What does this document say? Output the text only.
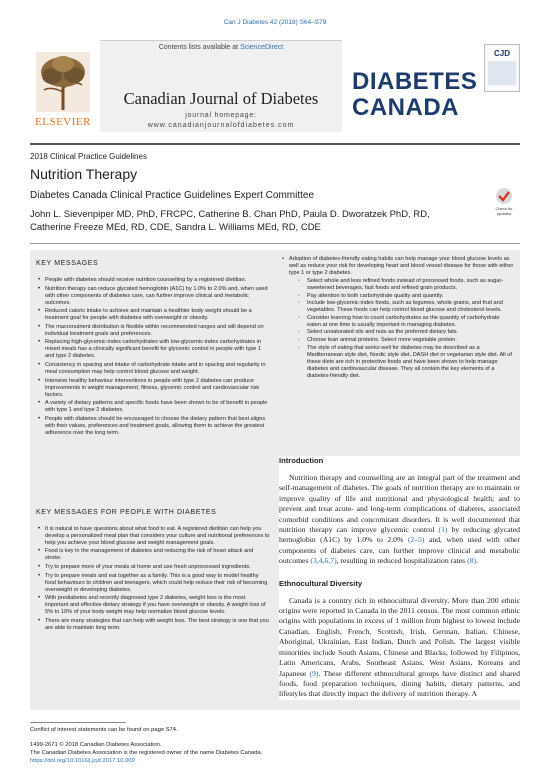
Can J Diabetes 42 (2018) S64–S79
ELSEVIER
Contents lists available at ScienceDirect
Canadian Journal of Diabetes
journal homepage:
www.canadianjournalofdiabetes.com
DIABETES
CANADA
CJD
2018 Clinical Practice Guidelines
Nutrition Therapy
Diabetes Canada Clinical Practice Guidelines Expert Committee
John L. Sievenpiper MD, PhD, FRCPC, Catherine B. Chan PhD, Paula D. Dworatzek PhD, RD, Catherine Freeze MEd, RD, CDE, Sandra L. Williams MEd, RD, CDE
Check for updates
KEY MESSAGES
• People with diabetes should receive nutrition counselling by a registered dietitian.
• Nutrition therapy can reduce glycated hemoglobin (A1C) by 1.0% to 2.0% and, when used with other components of diabetes care, can further improve clinical and metabolic outcomes.
• Reduced caloric intake to achieve and maintain a healthier body weight should be a treatment goal for people with diabetes with overweight or obesity.
• The macronutrient distribution is flexible within recommended ranges and will depend on individual treatment goals and preferences.
• Replacing high-glycemic-index carbohydrates with low-glycemic-index carbohydrates in mixed meals has a clinically significant benefit for glycemic control in people with type 1 and type 2 diabetes.
• Consistency in spacing and intake of carbohydrate intake and in spacing and regularity in meal consumption may help control blood glucose and weight.
• Intensive healthy behaviour interventions in people with type 2 diabetes can produce improvements in weight management, fitness, glycemic control and cardiovascular risk factors.
• A variety of dietary patterns and specific foods have been shown to be of benefit in people with type 1 and type 2 diabetes.
• People with diabetes should be encouraged to choose the dietary pattern that best aligns with their values, preferences and treatment goals, allowing them to achieve the greatest adherence over the long term.
KEY MESSAGES FOR PEOPLE WITH DIABETES
• It is natural to have questions about what food to eat. A registered dietitian can help you develop a personalized meal plan that considers your culture and nutritional preferences to help you achieve your blood glucose and weight management goals.
• Food is key in the management of diabetes and reducing the risk of heart attack and stroke.
• Try to prepare more of your meals at home and use fresh unprocessed ingredients.
• Try to prepare meals and eat together as a family. This is a good way to model healthy food behaviours to children and teenagers, which could help reduce their risk of becoming overweight or developing diabetes.
• With prediabetes and recently diagnosed type 2 diabetes, weight loss is the most important and effective dietary strategy if you have overweight or obesity. A weight loss of 5% to 10% of your body weight may help normalize blood glucose levels.
• There are many strategies that can help with weight loss. The best strategy is one that you are able to maintain long term.
• Adoption of diabetes-friendly eating habits can help manage your blood glucose levels as well as reduce your risk for developing heart and blood vessel disease for those with either type 1 or type 2 diabetes.
◦ Select whole and less refined foods instead of processed foods, such as sugar-sweetened beverages, fast foods and refined grain products.
◦ Pay attention to both carbohydrate quality and quantity.
◦ Include low-glycemic-index foods, such as legumes, whole grains, and fruit and vegetables. These foods can help control blood glucose and cholesterol levels.
◦ Consider learning how to count carbohydrates as the quantity of carbohydrate eaten at one time is usually important in managing diabetes.
◦ Select unsaturated oils and nuts as the preferred dietary fats.
◦ Choose lean animal proteins. Select more vegetable protein.
◦ The style of eating that works well for diabetes may be described as a Mediterranean style diet, Nordic style diet, DASH diet or vegetarian style diet. All of these diets are rich in protective foods and have been shown to help manage diabetes and cardiovascular disease. They all contain the key elements of a diabetes-friendly diet.
Introduction

Nutrition therapy and counselling are an integral part of the treatment and self-management of diabetes. The goals of nutrition therapy are to maintain or improve quality of life and nutritional and physiological health; and to prevent and treat acute- and long-term complications of diabetes, associated comorbid conditions and concomitant disorders. It is well documented that nutrition therapy can improve glycemic control (1) by reducing glycated hemoglobin (A1C) by 1.0% to 2.0% (2–5) and, when used with other components of diabetes care, can further improve clinical and metabolic outcomes (3,4,6,7), resulting in reduced hospitalization rates (8).

Ethnocultural Diversity

Canada is a country rich in ethnocultural diversity. More than 200 ethnic origins were reported in Canada in the 2011 census. The most common ethnic origins with populations in excess of 1 million from highest to lowest include Canadian, English, French, Scottish, Irish, German, Italian, Chinese, Aboriginal, Ukrainian, East Indian, Dutch and Polish. The largest visible minorities include South Asians, Chinese and Blacks, followed by Filipinos, Latin Americans, Arabs, Southeast Asians, West Asians, Koreans and Japanese (9). These different ethnocultural groups have distinct and shared foods, food preparation techniques, dining habits, dietary patterns, and lifestyles that directly impact the delivery of nutrition therapy. A

Conflict of interest statements can be found on page S74.
1499-2671 © 2018 Canadian Diabetes Association.
The Canadian Diabetes Association is the registered owner of the name Diabetes Canada.
https://doi.org/10.1016/j.jcjd.2017.10.009
